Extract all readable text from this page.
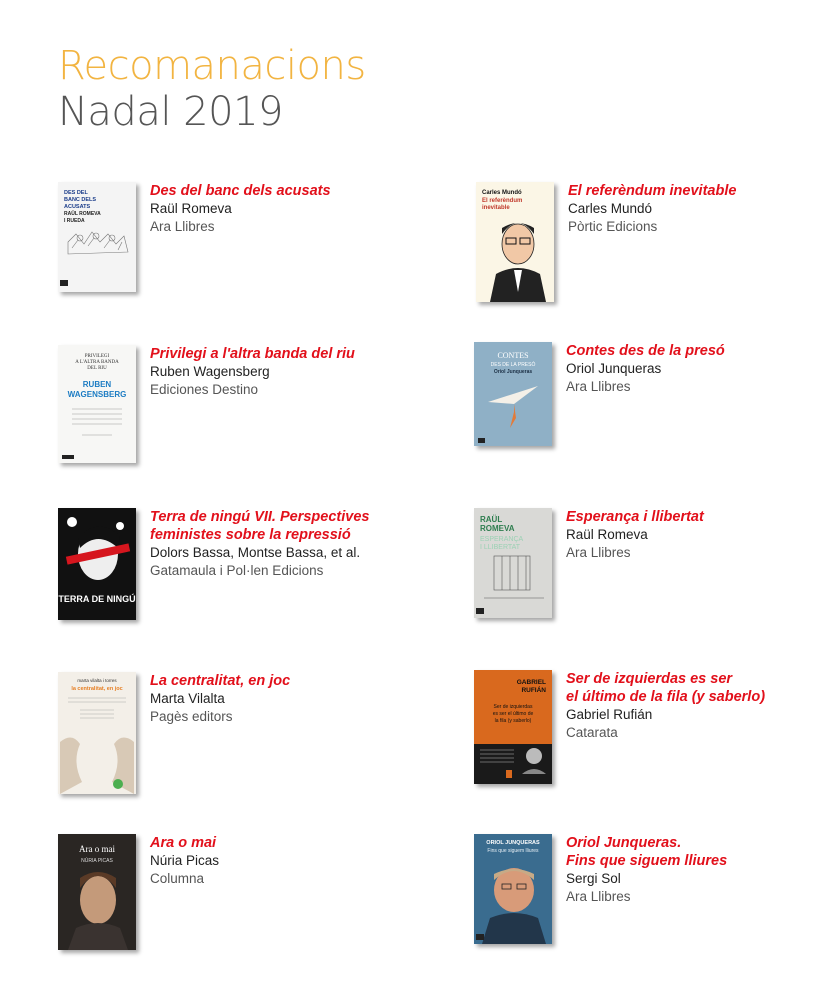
Recomanacions
Nadal 2019
DES DEL
BANC DELS
ACUSATS
RAÜL ROMEVA
I RUEDA
Des del banc dels acusats
Raül Romeva
Ara Llibres
Carles Mundó
El referèndum
inevitable
El referèndum inevitable
Carles Mundó
Pòrtic Edicions
PRIVILEGI
A L'ALTRA BANDA
DEL RIU
RUBEN
WAGENSBERG
Privilegi a l'altra banda del riu
Ruben Wagensberg
Ediciones Destino
CONTES
DES DE LA PRESÓ
Oriol Junqueras
Contes des de la presó
Oriol Junqueras
Ara Llibres
TERRA DE NINGÚ
Terra de ningú VII. Perspectives
feministes sobre la repressió
Dolors Bassa, Montse Bassa, et al.
Gatamaula i Pol·len Edicions
RAÜL
ROMEVA
ESPERANÇA
I LLIBERTAT
Esperança i llibertat
Raül Romeva
Ara Llibres
marta vilalta i torres
la centralitat, en joc La centralitat, en joc
Marta Vilalta
Pagès editors
GABRIEL
RUFIÁN
Ser de izquierdas
es ser el último de
la fila (y saberlo)
Ser de izquierdas es ser
el último de la fila (y saberlo)
Gabriel Rufián
Catarata
Ara o mai
NÚRIA PICAS
Ara o mai
Núria Picas
Columna
ORIOL JUNQUERAS
Fins que siguem lliures Oriol Junqueras.
Fins que siguem lliures
Sergi Sol
Ara Llibres
